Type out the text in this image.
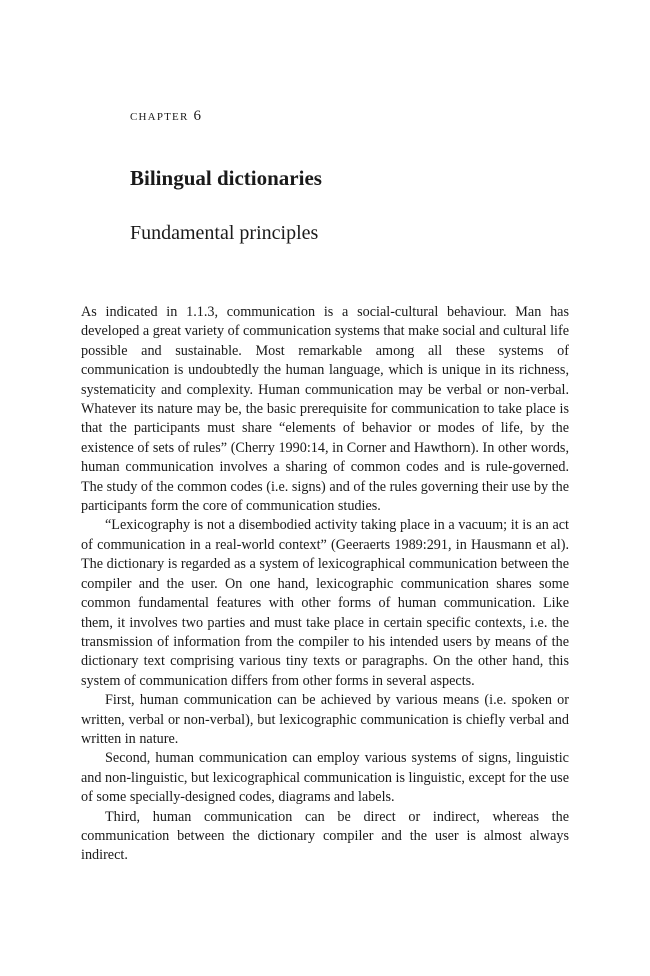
chapter 6
Bilingual dictionaries
Fundamental principles

As indicated in 1.1.3, communication is a social-cultural behaviour. Man has developed a great variety of communication systems that make social and cultural life possible and sustainable. Most remarkable among all these systems of communication is undoubtedly the human language, which is unique in its richness, systematicity and complexity. Human communication may be verbal or non-verbal. Whatever its nature may be, the basic prerequisite for communication to take place is that the participants must share “elements of behavior or modes of life, by the existence of sets of rules” (Cherry 1990:14, in Corner and Hawthorn). In other words, human communication involves a sharing of common codes and is rule-governed. The study of the common codes (i.e. signs) and of the rules governing their use by the participants form the core of communication studies.

“Lexicography is not a disembodied activity taking place in a vacuum; it is an act of communication in a real-world context” (Geeraerts 1989:291, in Hausmann et al). The dictionary is regarded as a system of lexicographical communication between the compiler and the user. On one hand, lexicographic communication shares some common fundamental features with other forms of human communication. Like them, it involves two parties and must take place in certain specific contexts, i.e. the transmission of information from the compiler to his intended users by means of the dictionary text comprising various tiny texts or paragraphs. On the other hand, this system of communication differs from other forms in several aspects.

First, human communication can be achieved by various means (i.e. spoken or written, verbal or non-verbal), but lexicographic communication is chiefly verbal and written in nature.

Second, human communication can employ various systems of signs, linguistic and non-linguistic, but lexicographical communication is linguistic, except for the use of some specially-designed codes, diagrams and labels.

Third, human communication can be direct or indirect, whereas the communication between the dictionary compiler and the user is almost always indirect.
